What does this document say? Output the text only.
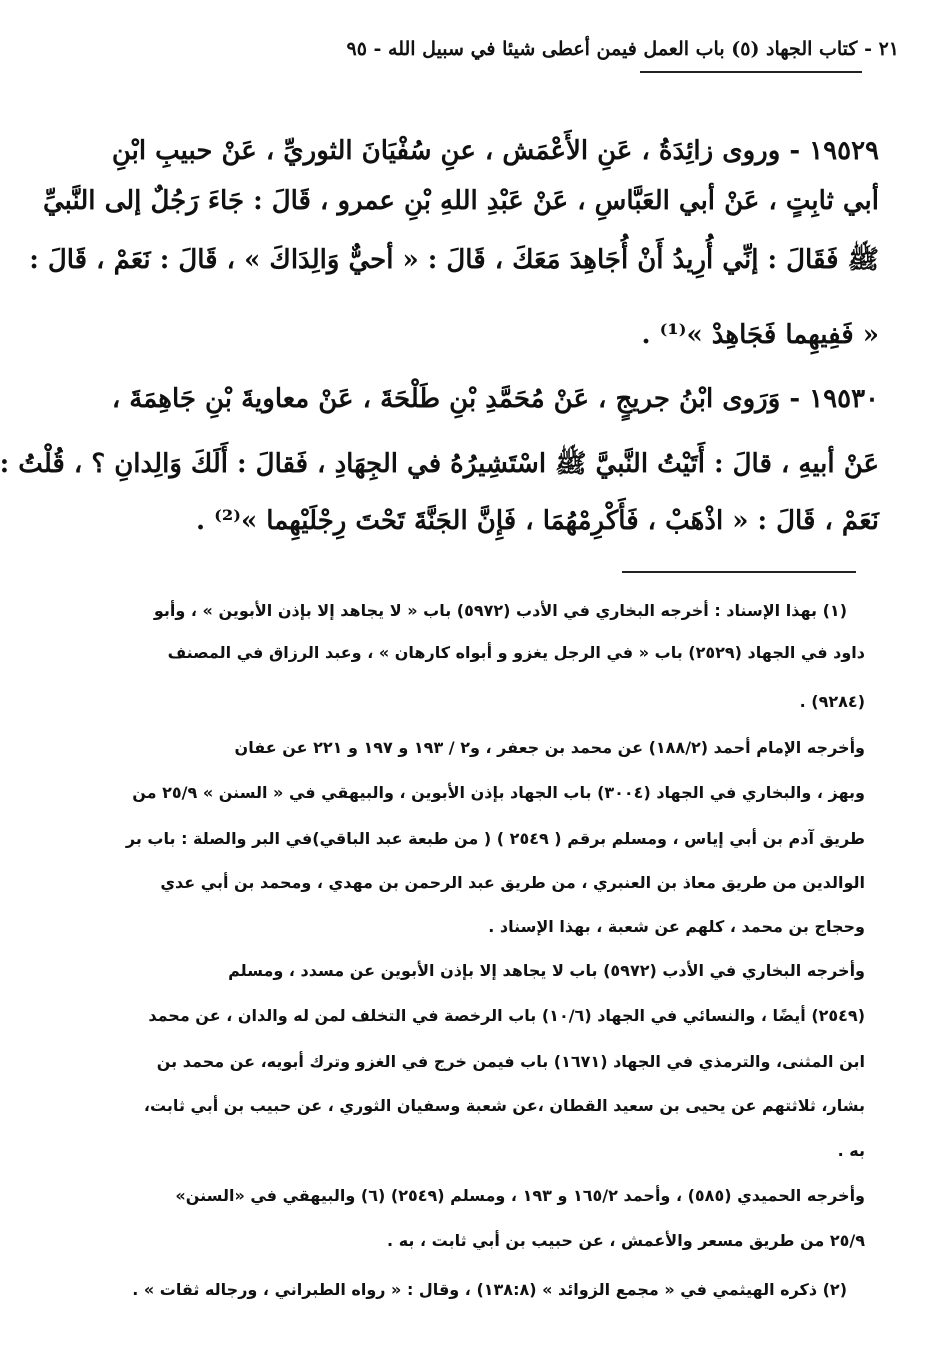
٢١ - كتاب الجهاد (٥) باب العمل فيمن أعطى شيئا في سبيل الله - ٩٥
١٩٥٢٩ - وروى زائِدَةُ ، عَنِ الأَعْمَش ، عنِ سُفْيَانَ الثوريِّ ، عَنْ حبيبِ ابْنِ
أبي ثابِتٍ ، عَنْ أبي العَبَّاسِ ، عَنْ عَبْدِ اللهِ بْنِ عمرو ، قَالَ : جَاءَ رَجُلٌ إلى النَّبيِّ
ﷺ فَقَالَ : إنِّي أُرِيدُ أَنْ أُجَاهِدَ مَعَكَ ، قَالَ : « أحيٌّ وَالِدَاكَ » ، قَالَ : نَعَمْ ، قَالَ :
« فَفِيهِما فَجَاهِدْ »⁽¹⁾ .
١٩٥٣٠ - وَرَوى ابْنُ جريجٍ ، عَنْ مُحَمَّدِ بْنِ طَلْحَةَ ، عَنْ معاويةَ بْنِ جَاهِمَةَ ،
عَنْ أبيهِ ، قالَ : أَتَيْتُ النَّبيَّ ﷺ اسْتَشِيرُهُ في الجِهَادِ ، فَقالَ : أَلَكَ وَالِدانِ ؟ ، قُلْتُ :
نَعَمْ ، قَالَ : « اذْهَبْ ، فَأَكْرِمْهُمَا ، فَإِنَّ الجَنَّةَ تَحْتَ رِجْلَيْهِما »⁽²⁾ .
(١) بهذا الإسناد : أخرجه البخاري في الأدب (٥٩٧٢) باب « لا يجاهد إلا بإذن الأبوين » ، وأبو
داود في الجهاد (٢٥٢٩) باب « في الرجل يغزو و أبواه كارهان » ، وعبد الرزاق في المصنف
(٩٢٨٤) .
وأخرجه الإمام أحمد (١٨٨/٢) عن محمد بن جعفر ، و٢ / ١٩٣ و ١٩٧ و ٢٢١ عن عفان
وبهز ، والبخاري في الجهاد (٣٠٠٤) باب الجهاد بإذن الأبوين ، والبيهقي في « السنن » ٢٥/٩ من
طريق آدم بن أبي إياس ، ومسلم برقم ( ٢٥٤٩ ) ( من طبعة عبد الباقي)في البر والصلة : باب بر
الوالدين من طريق معاذ بن العنبري ، من طريق عبد الرحمن بن مهدي ، ومحمد بن أبي عدي
وحجاج بن محمد ، كلهم عن شعبة ، بهذا الإسناد .
وأخرجه البخاري في الأدب (٥٩٧٢) باب لا يجاهد إلا بإذن الأبوين عن مسدد ، ومسلم
(٢٥٤٩) أيضًا ، والنسائي في الجهاد (١٠/٦) باب الرخصة في التخلف لمن له والدان ، عن محمد
ابن المثنى، والترمذي في الجهاد (١٦٧١) باب فيمن خرج في الغزو وترك أبويه، عن محمد بن
بشار، ثلاثتهم عن يحيى بن سعيد القطان ،عن شعبة وسفيان الثوري ، عن حبيب بن أبي ثابت،
به .
وأخرجه الحميدي (٥٨٥) ، وأحمد ١٦٥/٢ و ١٩٣ ، ومسلم (٢٥٤٩) (٦) والبيهقي في «السنن»
٢٥/٩ من طريق مسعر والأعمش ، عن حبيب بن أبي ثابت ، به .
(٢) ذكره الهيثمي في « مجمع الزوائد » (١٣٨:٨) ، وقال : « رواه الطبراني ، ورجاله ثقات » .
